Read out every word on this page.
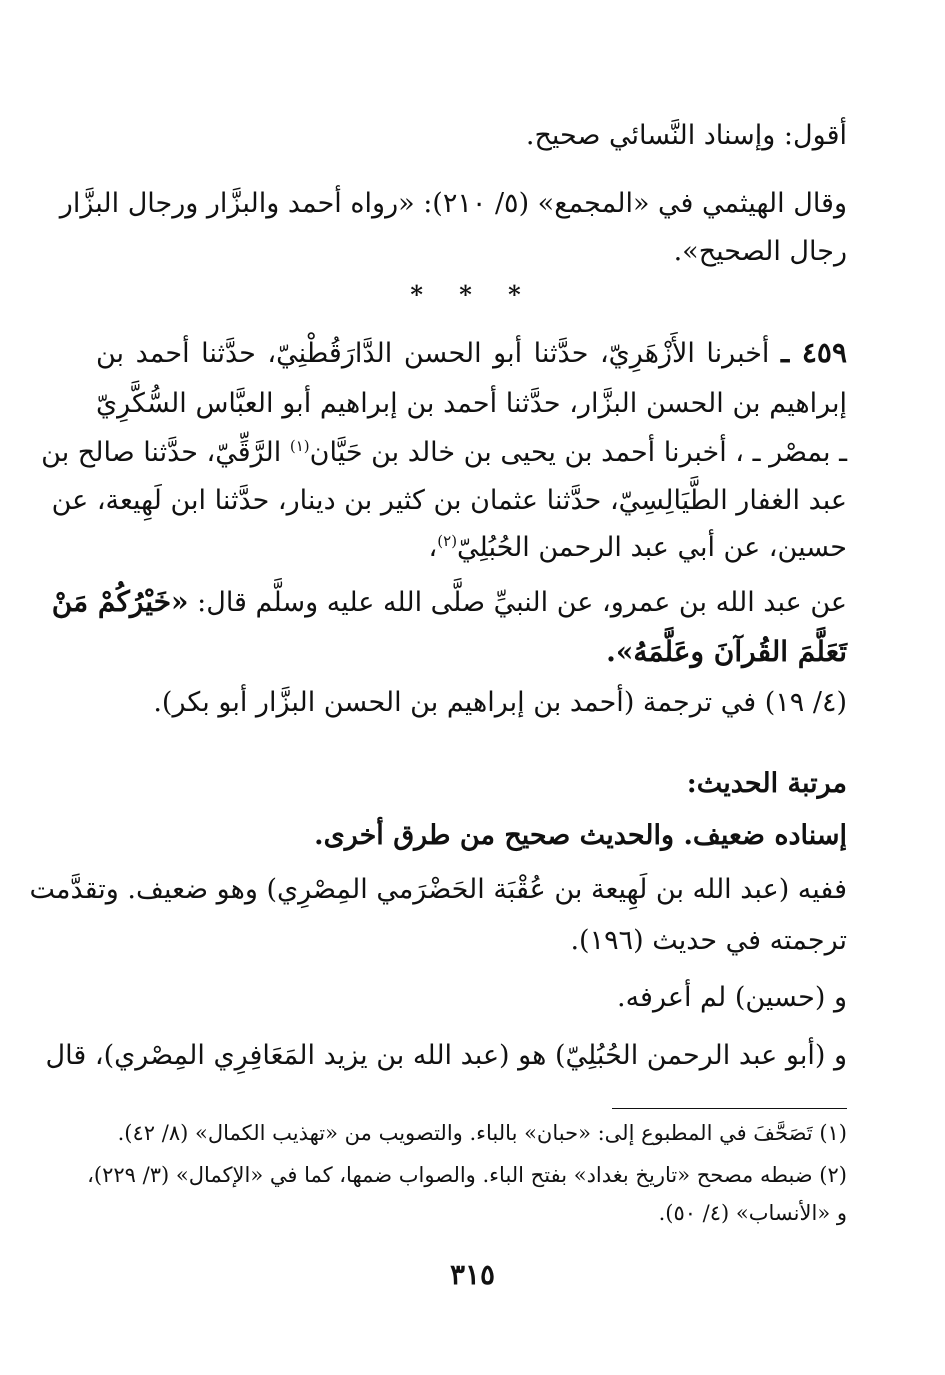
أقول: وإسناد النَّسائي صحيح.
وقال الهيثمي في «المجمع» (٥/ ٢١٠): «رواه أحمد والبزَّار ورجال البزَّار
رجال الصحيح».
* * *
٤٥٩ ـ أخبرنا الأَزْهَرِيّ، حدَّثنا أبو الحسن الدَّارَقُطْنِيّ، حدَّثنا أحمد بن
إبراهيم بن الحسن البزَّار، حدَّثنا أحمد بن إبراهيم أبو العبَّاس السُّكَّرِيّ
ـ بمصْر ـ ، أخبرنا أحمد بن يحيى بن خالد بن حَيَّان$^{(١)}$ الرَّقِّيّ، حدَّثنا صالح بن
عبد الغفار الطَّيَالِسِيّ، حدَّثنا عثمان بن كثير بن دينار، حدَّثنا ابن لَهِيعة، عن
حسين، عن أبي عبد الرحمن الحُبُلِيّ$^{(٢)}$،
عن عبد الله بن عمرو، عن النبيِّ صلَّى الله عليه وسلَّم قال: «خَيْرُكُمْ مَنْ
تَعَلَّمَ القُرآنَ وعَلَّمَهُ».
(٤/ ١٩) في ترجمة (أحمد بن إبراهيم بن الحسن البزَّار أبو بكر).
مرتبة الحديث:
إسناده ضعيف. والحديث صحيح من طرق أخرى.
ففيه (عبد الله بن لَهِيعة بن عُقْبَة الحَضْرَمي المِصْرِي) وهو ضعيف. وتقدَّمت
ترجمته في حديث (١٩٦).
و (حسين) لم أعرفه.
و (أبو عبد الرحمن الحُبُلِيّ) هو (عبد الله بن يزيد المَعَافِرِي المِصْري)، قال
(١) تَصَحَّفَ في المطبوع إلى: «حبان» بالباء. والتصويب من «تهذيب الكمال» (٨/ ٤٢).
(٢) ضبطه مصحح «تاريخ بغداد» بفتح الباء. والصواب ضمها، كما في «الإكمال» (٣/ ٢٢٩)،
و «الأنساب» (٤/ ٥٠).
٣١٥
